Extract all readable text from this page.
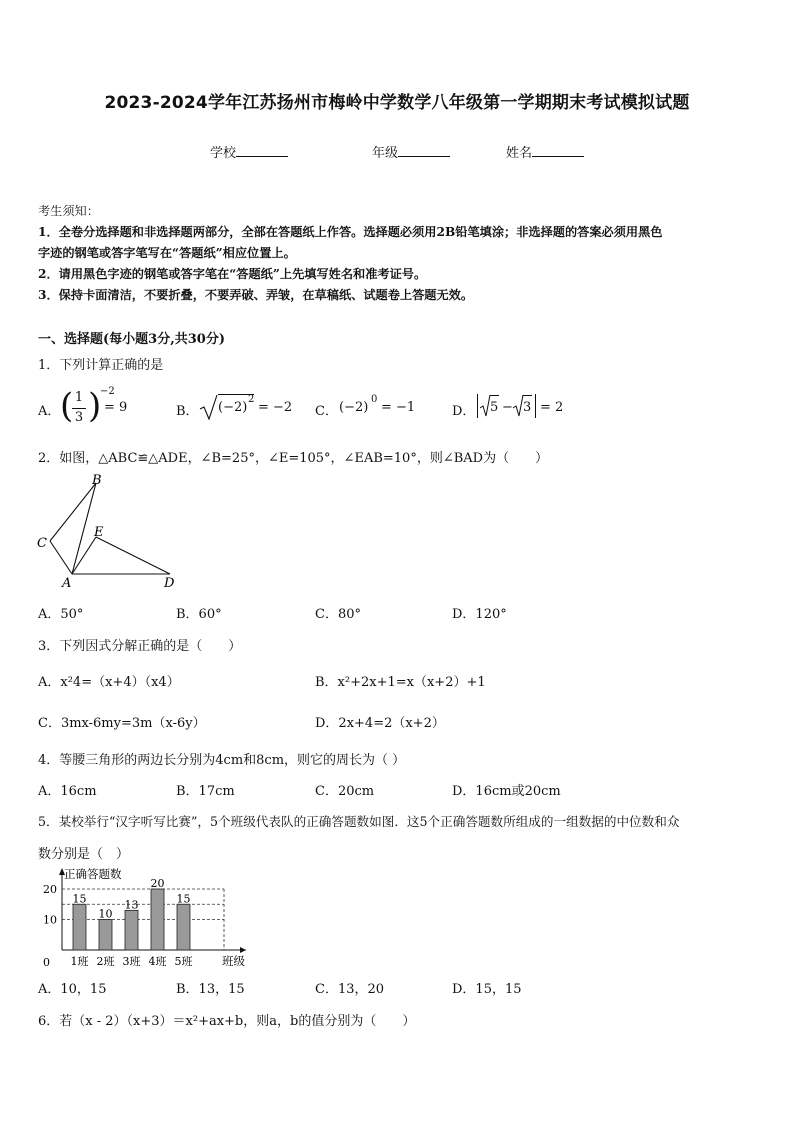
2023-2024学年江苏扬州市梅岭中学数学八年级第一学期期末考试模拟试题
学校	年级	姓名
考生须知：
1．全卷分选择题和非选择题两部分，全部在答题纸上作答。选择题必须用2B铅笔填涂；非选择题的答案必须用黑色
字迹的钢笔或答字笔写在“答题纸”相应位置上。
2．请用黑色字迹的钢笔或答字笔在“答题纸”上先填写姓名和准考证号。
3．保持卡面清洁，不要折叠，不要弄破、弄皱，在草稿纸、试题卷上答题无效。
一、选择题(每小题3分,共30分)
1．下列计算正确的是
A． ( 1
3 )
−2
= 9	B． (−2)
2
= −2 C． (−2)
0
= −1	D． 5 − 3 = 2
2．如图，△ABC≌△ADE，∠B=25°，∠E=105°，∠EAB=10°，则∠BAD为（　　）
B
C
E
A	D
A．50°	B．60°	C．80°	D．120°
3．下列因式分解正确的是（　　）
A．x²4=（x+4）（x4）	B．x²+2x+1=x（x+2）+1
C．3mx-6my=3m（x-6y）	D．2x+4=2（x+2）
4．等腰三角形的两边长分别为4cm和8cm，则它的周长为（ ）
A．16cm	B．17cm	C．20cm	D．16cm或20cm
5．某校举行“汉字听写比赛”，5个班级代表队的正确答题数如图．这5个正确答题数所组成的一组数据的中位数和众
数分别是（　）
正确答题数
班级
0
10
20
15
1班
10
2班
13
3班
20
4班
15
5班
A．10，15	B．13，15	C．13，20	D．15，15
6．若（x - 2）（x+3）＝x²+ax+b，则a，b的值分别为（　　）
